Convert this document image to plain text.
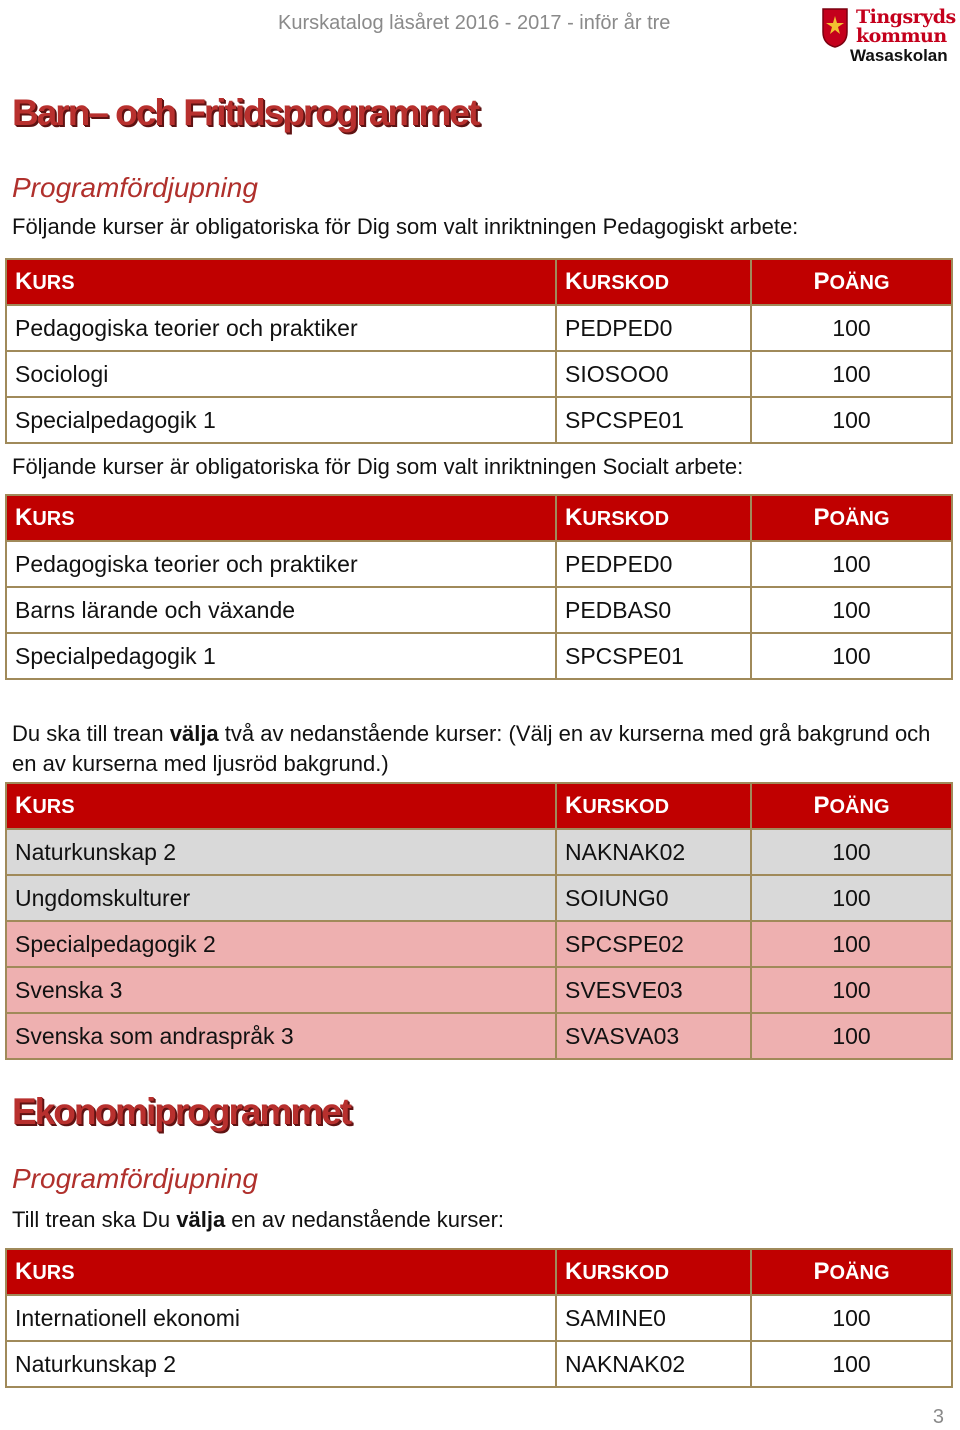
Kurskatalog läsåret 2016 - 2017 - inför år tre	Tingsryds
kommun
Wasaskolan
Barn– och Fritidsprogrammet
Programfördjupning
Följande kurser är obligatoriska för Dig som valt inriktningen Pedagogiskt arbete:
KURS	KURSKOD	POÄNG
Pedagogiska teorier och praktiker	PEDPED0	100
Sociologi	SIOSOO0	100
Specialpedagogik 1	SPCSPE01	100
Följande kurser är obligatoriska för Dig som valt inriktningen Socialt arbete:
KURS	KURSKOD	POÄNG
Pedagogiska teorier och praktiker	PEDPED0	100
Barns lärande och växande	PEDBAS0	100
Specialpedagogik 1	SPCSPE01	100
Du ska till trean välja två av nedanstående kurser: (Välj en av kurserna med grå bakgrund och en av kurserna med ljusröd bakgrund.)
KURS	KURSKOD	POÄNG
Naturkunskap 2	NAKNAK02	100
Ungdomskulturer	SOIUNG0	100
Specialpedagogik 2	SPCSPE02	100
Svenska 3	SVESVE03	100
Svenska som andraspråk 3	SVASVA03	100
Ekonomiprogrammet
Programfördjupning
Till trean ska Du välja en av nedanstående kurser:
KURS	KURSKOD	POÄNG
Internationell ekonomi	SAMINE0	100
Naturkunskap 2	NAKNAK02	100
3
